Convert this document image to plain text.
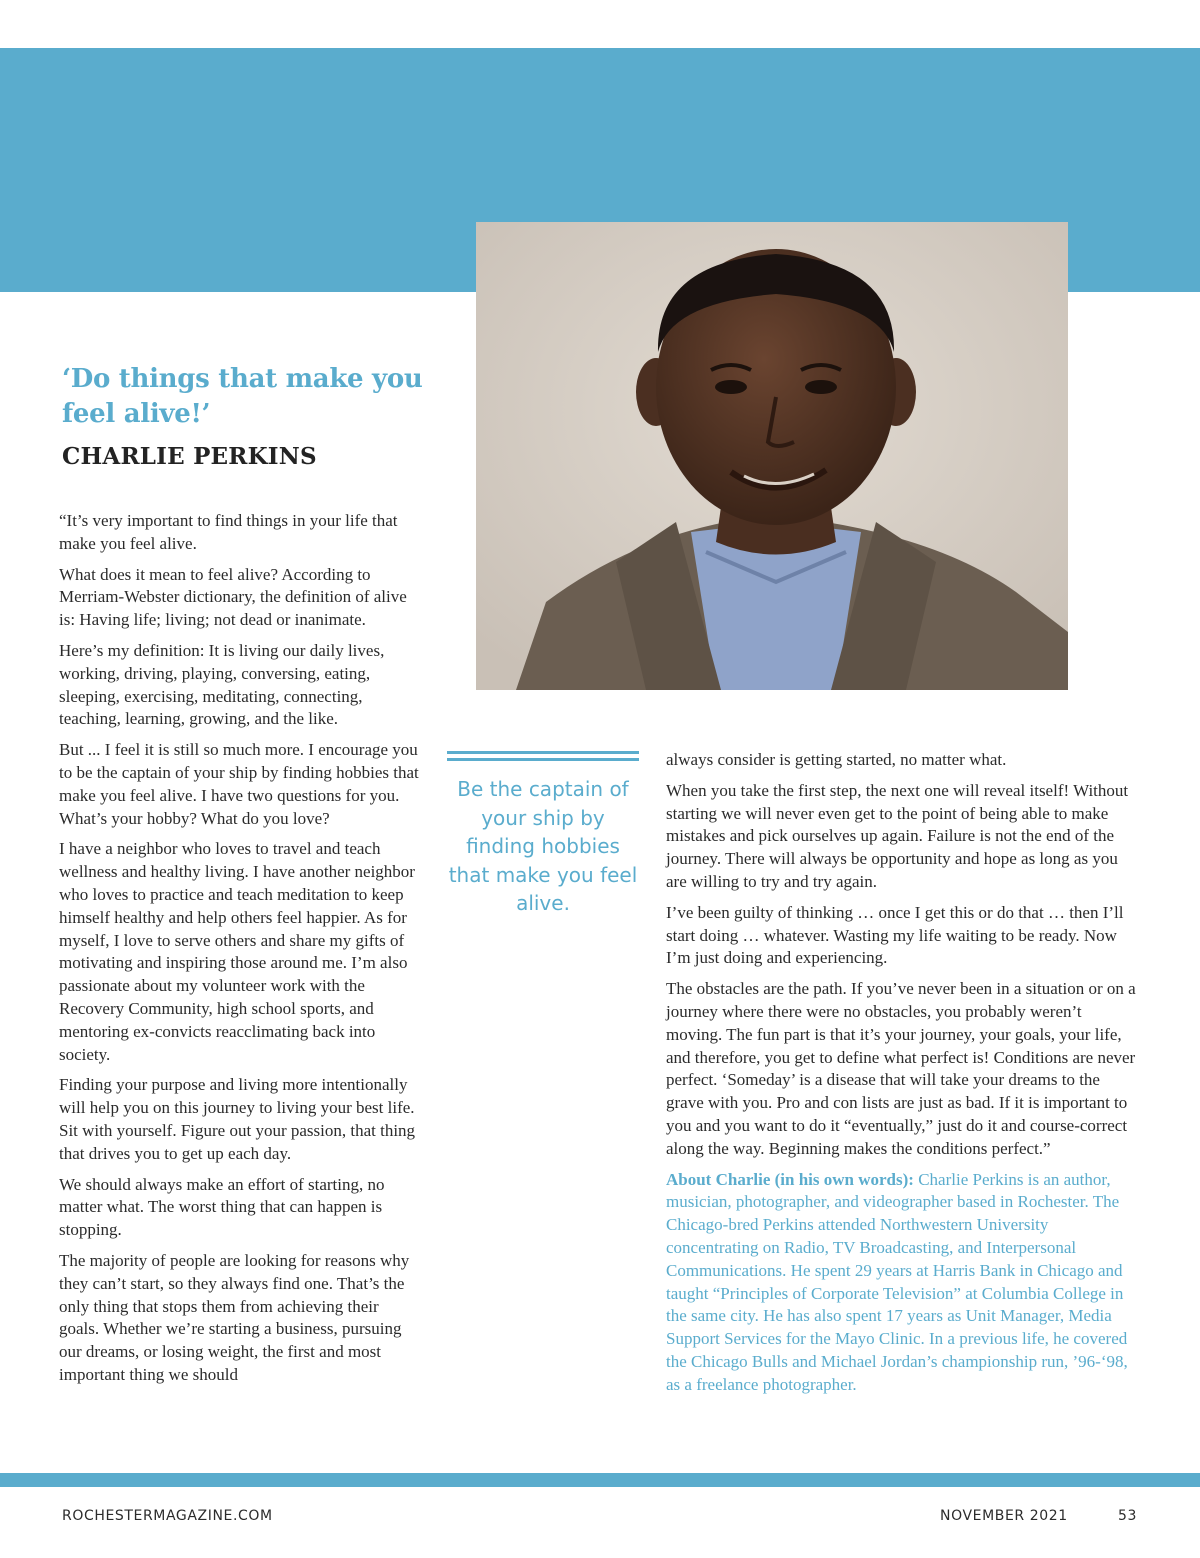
‘Do things that make you feel alive!’
CHARLIE PERKINS

“It’s very important to find things in your life that make you feel alive.

What does it mean to feel alive? According to Merriam-Webster dictionary, the definition of alive is: Having life; living; not dead or inanimate.

Here’s my definition: It is living our daily lives, working, driving, playing, conversing, eating, sleeping, exercising, meditating, connecting, teaching, learning, growing, and the like.

But ... I feel it is still so much more. I encourage you to be the captain of your ship by finding hobbies that make you feel alive. I have two questions for you. What’s your hobby? What do you love?

I have a neighbor who loves to travel and teach wellness and healthy living. I have another neighbor who loves to practice and teach meditation to keep himself healthy and help others feel happier. As for myself, I love to serve others and share my gifts of motivating and inspiring those around me. I’m also passionate about my volunteer work with the Recovery Community, high school sports, and mentoring ex-convicts reacclimating back into society.

Finding your purpose and living more intentionally will help you on this journey to living your best life. Sit with yourself. Figure out your passion, that thing that drives you to get up each day.

We should always make an effort of starting, no matter what. The worst thing that can happen is stopping.

The majority of people are looking for reasons why they can’t start, so they always find one. That’s the only thing that stops them from achieving their goals. Whether we’re starting a business, pursuing our dreams, or losing weight, the first and most important thing we should

Be the captain of your ship by finding hobbies that make you feel alive.

always consider is getting started, no matter what.

When you take the first step, the next one will reveal itself! Without starting we will never even get to the point of being able to make mistakes and pick ourselves up again. Failure is not the end of the journey. There will always be opportunity and hope as long as you are willing to try and try again.

I’ve been guilty of thinking … once I get this or do that … then I’ll start doing … whatever. Wasting my life waiting to be ready. Now I’m just doing and experiencing.

The obstacles are the path. If you’ve never been in a situation or on a journey where there were no obstacles, you probably weren’t moving. The fun part is that it’s your journey, your goals, your life, and therefore, you get to define what perfect is! Conditions are never perfect. ‘Someday’ is a disease that will take your dreams to the grave with you. Pro and con lists are just as bad. If it is important to you and you want to do it “eventually,” just do it and course-correct along the way. Beginning makes the conditions perfect.”

About Charlie (in his own words): Charlie Perkins is an author, musician, photographer, and videographer based in Rochester. The Chicago-bred Perkins attended Northwestern University concentrating on Radio, TV Broadcasting, and Interpersonal Communications. He spent 29 years at Harris Bank in Chicago and taught “Principles of Corporate Television” at Columbia College in the same city. He has also spent 17 years as Unit Manager, Media Support Services for the Mayo Clinic. In a previous life, he covered the Chicago Bulls and Michael Jordan’s championship run, ’96-‘98, as a freelance photographer.

ROCHESTERMAGAZINE.COM	NOVEMBER 2021	53
